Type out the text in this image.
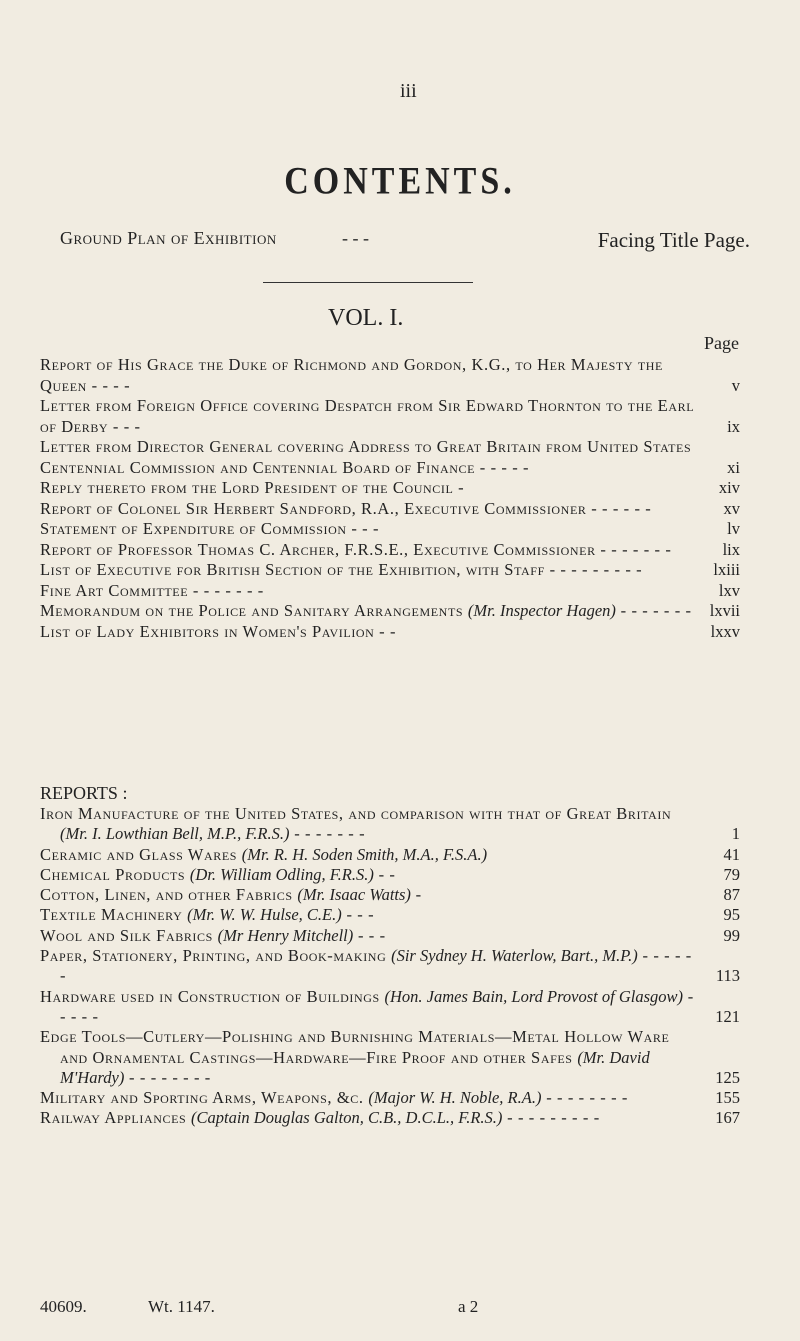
iii
CONTENTS.
Ground Plan of Exhibition	- - -	Facing Title Page.
VOL. I.
Page
Report of His Grace the Duke of Richmond and Gordon, K.G., to Her Majesty the Queen - - - -	v
Letter from Foreign Office covering Despatch from Sir Edward Thornton to the Earl of Derby - - -	ix
Letter from Director General covering Address to Great Britain from United States Centennial Commission and Centennial Board of Finance - - - - -	xi
Reply thereto from the Lord President of the Council -	xiv
Report of Colonel Sir Herbert Sandford, R.A., Executive Commissioner - - - - - -	xv
Statement of Expenditure of Commission - - -	lv
Report of Professor Thomas C. Archer, F.R.S.E., Executive Commissioner - - - - - - -	lix
List of Executive for British Section of the Exhibition, with Staff - - - - - - - - -	lxiii
Fine Art Committee - - - - - - -	lxv
Memorandum on the Police and Sanitary Arrangements (Mr. Inspector Hagen) - - - - - - -	lxvii
List of Lady Exhibitors in Women's Pavilion - -	lxxv
REPORTS :
Iron Manufacture of the United States, and comparison with that of Great Britain (Mr. I. Lowthian Bell, M.P., F.R.S.) - - - - - - -	1
Ceramic and Glass Wares (Mr. R. H. Soden Smith, M.A., F.S.A.)	41
Chemical Products (Dr. William Odling, F.R.S.) - -	79
Cotton, Linen, and other Fabrics (Mr. Isaac Watts) -	87
Textile Machinery (Mr. W. W. Hulse, C.E.) - - -	95
Wool and Silk Fabrics (Mr Henry Mitchell) - - -	99
Paper, Stationery, Printing, and Book-making (Sir Sydney H. Waterlow, Bart., M.P.) - - - - - -	113
Hardware used in Construction of Buildings (Hon. James Bain, Lord Provost of Glasgow) - - - - -	121
Edge Tools—Cutlery—Polishing and Burnishing Materials—Metal Hollow Ware and Ornamental Castings—Hardware—Fire Proof and other Safes (Mr. David M'Hardy) - - - - - - - -	125
Military and Sporting Arms, Weapons, &c. (Major W. H. Noble, R.A.) - - - - - - - -	155
Railway Appliances (Captain Douglas Galton, C.B., D.C.L., F.R.S.) - - - - - - - - -	167
40609.	Wt. 1147.	a 2
